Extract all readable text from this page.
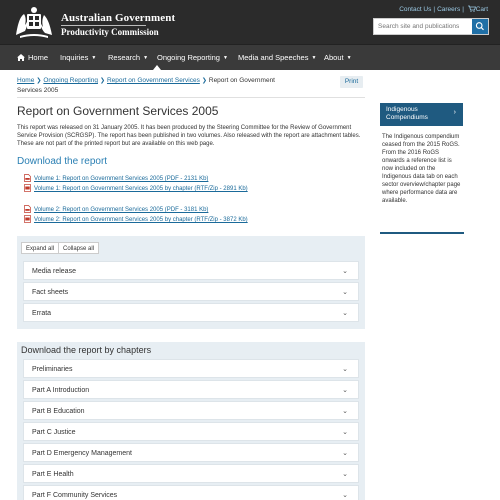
Australian Government
Productivity Commission
Contact Us | Careers | Cart
Search site and publications
Home Inquiries ▼ Research ▼ Ongoing Reporting ▼ Media and Speeches ▼ About ▼
Home ❯ Ongoing Reporting ❯ Report on Government Services ❯ Report on Government Services 2005
Print
Report on Government Services 2005

This report was released on 31 January 2005. It has been produced by the Steering Committee for the Review of Government Service Provision (SCRGSP). The report has been published in two volumes. Also released with the report are attachment tables. These are not part of the printed report but are available on this web page.

Download the report
Volume 1: Report on Government Services 2005 (PDF - 2131 Kb)
Volume 1: Report on Government Services 2005 by chapter (RTF/Zip - 2891 Kb)
Volume 2: Report on Government Services 2005 (PDF - 3181 Kb)
Volume 2: Report on Government Services 2005 by chapter (RTF/Zip - 3872 Kb)
Expand all	Collapse all
Media release	⌄
Fact sheets	⌄
Errata	⌄
Download the report by chapters
Preliminaries	⌄
Part A Introduction	⌄
Part B Education	⌄
Part C Justice	⌄
Part D Emergency Management	⌄
Part E Health	⌄
Part F Community Services	⌄
Indigenous Compendiums
›

The Indigenous compendium ceased from the 2015 RoGS. From the 2016 RoGS onwards a reference list is now included on the Indigenous data tab on each sector overview/chapter page where performance data are available.
